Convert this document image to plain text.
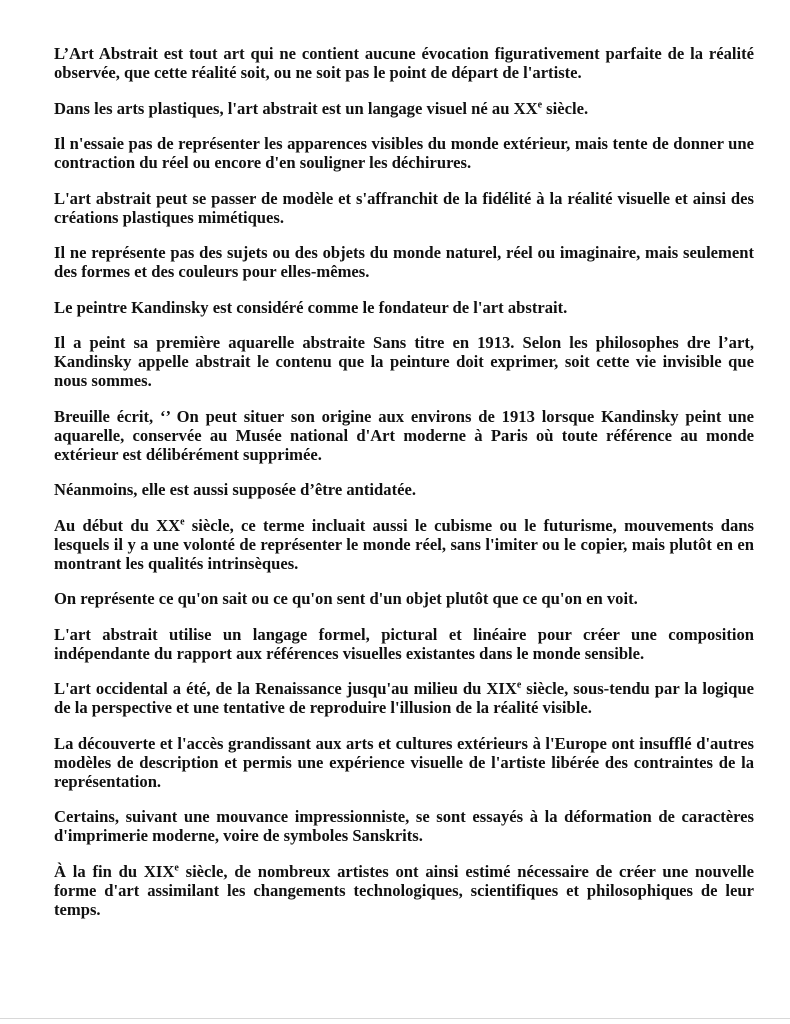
L’Art Abstrait est tout art qui ne contient aucune évocation figurativement parfaite de la réalité observée, que cette réalité soit, ou ne soit pas le point de départ de l'artiste.

Dans les arts plastiques, l'art abstrait est un langage visuel né au XXe siècle.

Il n'essaie pas de représenter les apparences visibles du monde extérieur, mais tente de donner une contraction du réel ou encore d'en souligner les déchirures.

L'art abstrait peut se passer de modèle et s'affranchit de la fidélité à la réalité visuelle et ainsi des créations plastiques mimétiques.

Il ne représente pas des sujets ou des objets du monde naturel, réel ou imaginaire, mais seulement des formes et des couleurs pour elles-mêmes.

Le peintre Kandinsky est considéré comme le fondateur de l'art abstrait.

Il a peint sa première aquarelle abstraite Sans titre en 1913. Selon les philosophes dre l’art, Kandinsky appelle abstrait le contenu que la peinture doit exprimer, soit cette vie invisible que nous sommes.

Breuille écrit, ‘’ On peut situer son origine aux environs de 1913 lorsque Kandinsky peint une aquarelle, conservée au Musée national d'Art moderne à Paris où toute référence au monde extérieur est délibérément supprimée.

Néanmoins, elle est aussi supposée d’être antidatée.

Au début du XXe siècle, ce terme incluait aussi le cubisme ou le futurisme, mouvements dans lesquels il y a une volonté de représenter le monde réel, sans l'imiter ou le copier, mais plutôt en en montrant les qualités intrinsèques.

On représente ce qu'on sait ou ce qu'on sent d'un objet plutôt que ce qu'on en voit.

L'art abstrait utilise un langage formel, pictural et linéaire pour créer une composition indépendante du rapport aux références visuelles existantes dans le monde sensible.

L'art occidental a été, de la Renaissance jusqu'au milieu du XIXe siècle, sous-tendu par la logique de la perspective et une tentative de reproduire l'illusion de la réalité visible.

La découverte et l'accès grandissant aux arts et cultures extérieurs à l'Europe ont insufflé d'autres modèles de description et permis une expérience visuelle de l'artiste libérée des contraintes de la représentation.

Certains, suivant une mouvance impressionniste, se sont essayés à la déformation de caractères d'imprimerie moderne, voire de symboles Sanskrits.

À la fin du XIXe siècle, de nombreux artistes ont ainsi estimé nécessaire de créer une nouvelle forme d'art assimilant les changements technologiques, scientifiques et philosophiques de leur temps.
